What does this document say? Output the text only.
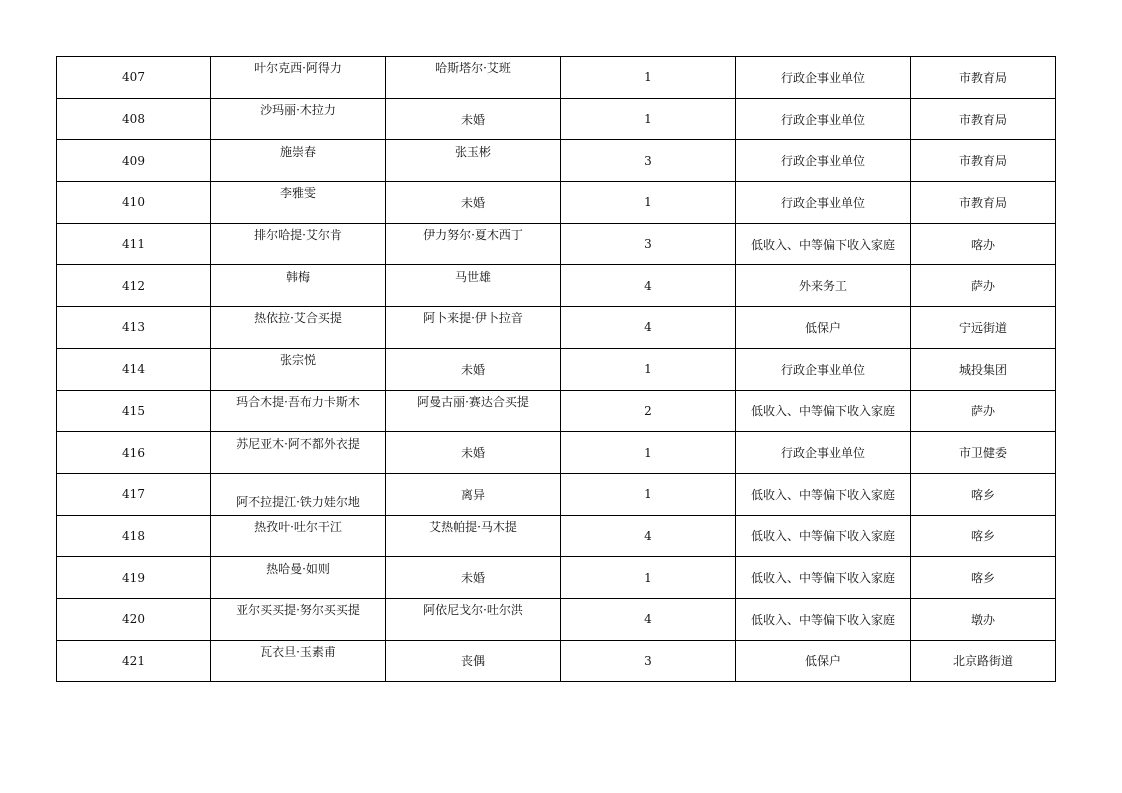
407	叶尔克西·阿得力	哈斯塔尔·艾班	1	行政企事业单位	市教育局
408	沙玛丽·木拉力	未婚	1	行政企事业单位	市教育局
409	施崇春	张玉彬	3	行政企事业单位	市教育局
410	李雅雯	未婚	1	行政企事业单位	市教育局
411	排尔哈提·艾尔肯	伊力努尔·夏木西丁	3	低收入、中等偏下收入家庭	喀办
412	韩梅	马世雄	4	外来务工	萨办
413	热依拉·艾合买提	阿卜来提·伊卜拉音	4	低保户	宁远街道
414	张宗悦	未婚	1	行政企事业单位	城投集团
415	玛合木提·吾布力卡斯木	阿曼古丽·赛达合买提	2	低收入、中等偏下收入家庭	萨办
416	苏尼亚木·阿不都外衣提	未婚	1	行政企事业单位	市卫健委
417	阿不拉提江·铁力娃尔地	离异	1	低收入、中等偏下收入家庭	喀乡
418	热孜叶·吐尔干江	艾热帕提·马木提	4	低收入、中等偏下收入家庭	喀乡
419	热哈曼·如则	未婚	1	低收入、中等偏下收入家庭	喀乡
420	亚尔买买提·努尔买买提	阿依尼戈尔·吐尔洪	4	低收入、中等偏下收入家庭	墩办
421	瓦衣旦·玉素甫	丧偶	3	低保户	北京路街道
